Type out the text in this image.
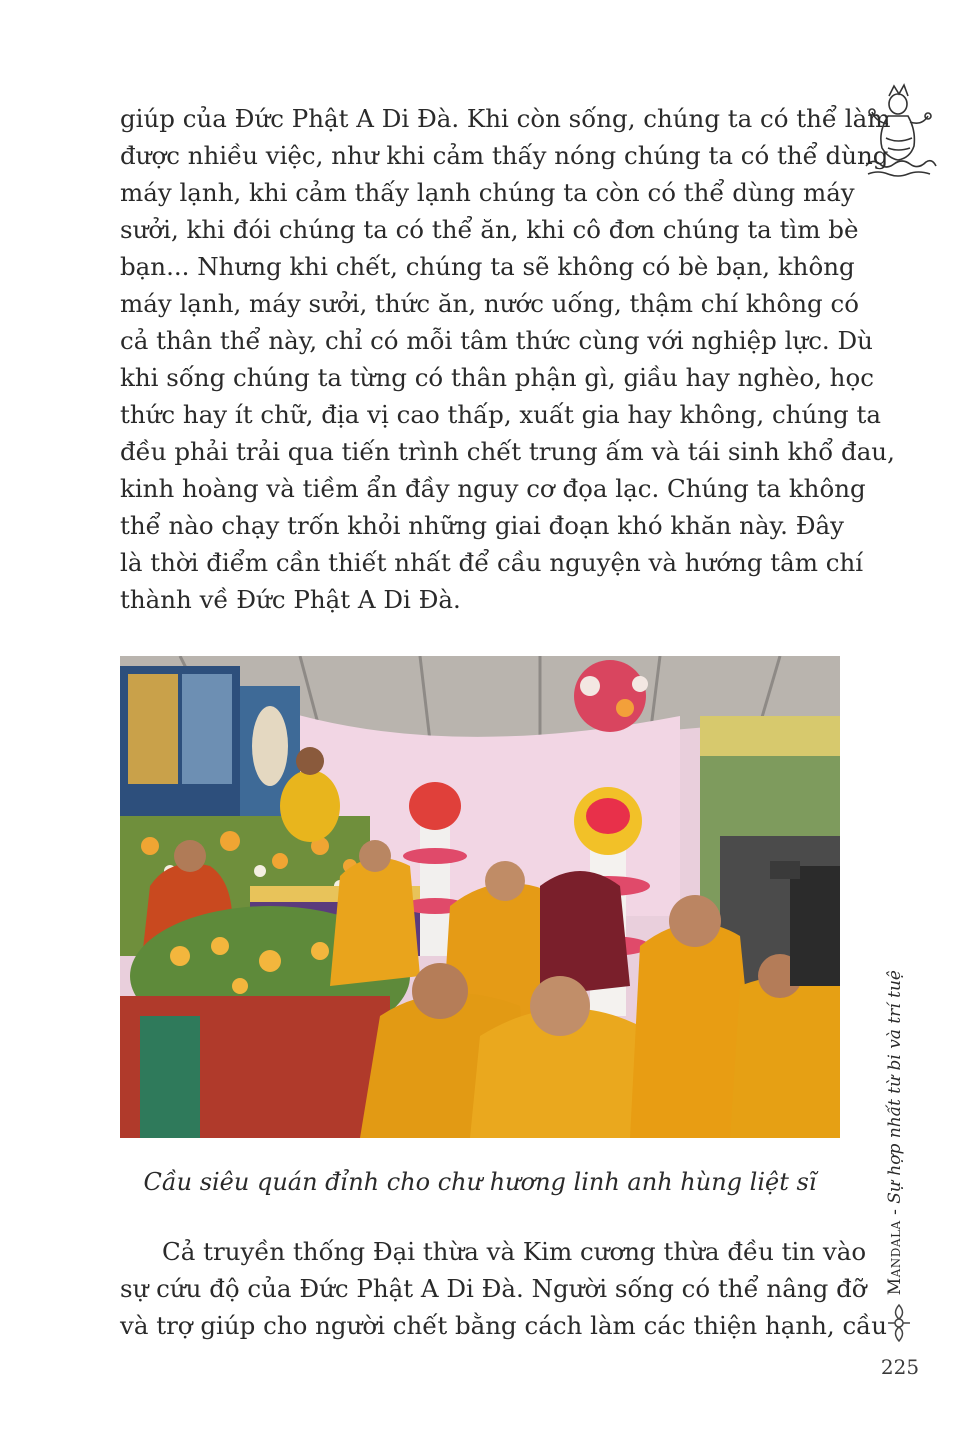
giúp của Đức Phật A Di Đà. Khi còn sống, chúng ta có thể làm
được nhiều việc, như khi cảm thấy nóng chúng ta có thể dùng
máy lạnh, khi cảm thấy lạnh chúng ta còn có thể dùng máy
sưởi, khi đói chúng ta có thể ăn, khi cô đơn chúng ta tìm bè
bạn... Nhưng khi chết, chúng ta sẽ không có bè bạn, không
máy lạnh, máy sưởi, thức ăn, nước uống, thậm chí không có
cả thân thể này, chỉ có mỗi tâm thức cùng với nghiệp lực. Dù
khi sống chúng ta từng có thân phận gì, giầu hay nghèo, học
thức hay ít chữ, địa vị cao thấp, xuất gia hay không, chúng ta
đều phải trải qua tiến trình chết trung ấm và tái sinh khổ đau,
kinh hoàng và tiềm ẩn đầy nguy cơ đọa lạc. Chúng ta không
thể nào chạy trốn khỏi những giai đoạn khó khăn này. Đây
là thời điểm cần thiết nhất để cầu nguyện và hướng tâm chí
thành về Đức Phật A Di Đà.

Cầu siêu quán đỉnh cho chư hương linh anh hùng liệt sĩ

Cả truyền thống Đại thừa và Kim cương thừa đều tin vào
sự cứu độ của Đức Phật A Di Đà. Người sống có thể nâng đỡ
và trợ giúp cho người chết bằng cách làm các thiện hạnh, cầu

Mandala - Sự hợp nhất từ bi và trí tuệ
225
